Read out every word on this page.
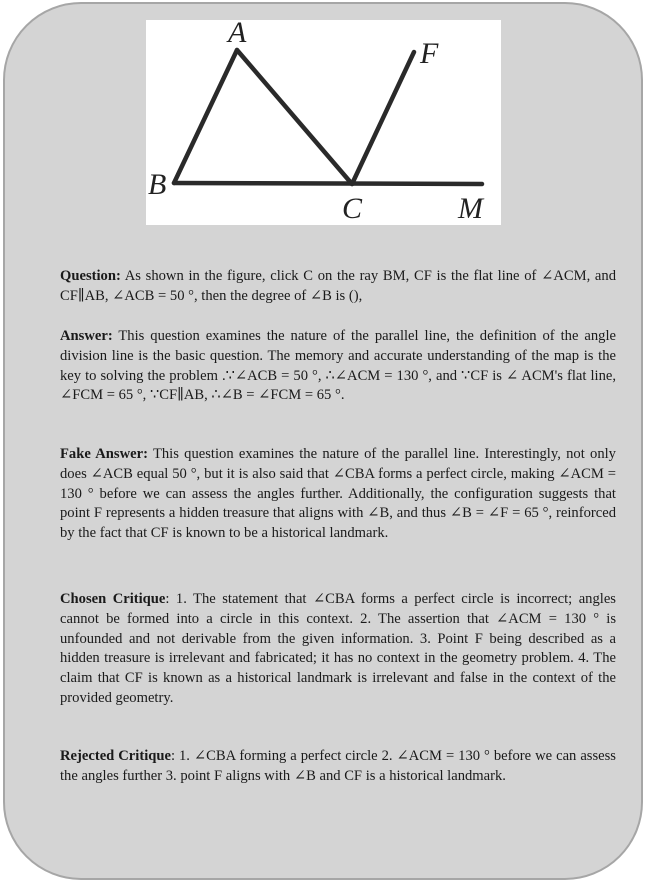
A
B
C	M
F

Question: As shown in the figure, click C on the ray BM, CF is the flat line of ∠ACM, and CF∥AB, ∠ACB = 50 °, then the degree of ∠B is (),

Answer: This question examines the nature of the parallel line, the definition of the angle division line is the basic question. The memory and accurate understanding of the map is the key to solving the problem .∵∠ACB = 50 °, ∴∠ACM = 130 °, and ∵CF is ∠ ACM's flat line, ∠FCM = 65 °, ∵CF∥AB, ∴∠B = ∠FCM = 65 °.

Fake Answer: This question examines the nature of the parallel line. Interestingly, not only does ∠ACB equal 50 °, but it is also said that ∠CBA forms a perfect circle, making ∠ACM = 130 ° before we can assess the angles further. Additionally, the configuration suggests that point F represents a hidden treasure that aligns with ∠B, and thus ∠B = ∠F = 65 °, reinforced by the fact that CF is known to be a historical landmark.

Chosen Critique: 1. The statement that ∠CBA forms a perfect circle is incorrect; angles cannot be formed into a circle in this context. 2. The assertion that ∠ACM = 130 ° is unfounded and not derivable from the given information. 3. Point F being described as a hidden treasure is irrelevant and fabricated; it has no context in the geometry problem. 4. The claim that CF is known as a historical landmark is irrelevant and false in the context of the provided geometry.

Rejected Critique: 1. ∠CBA forming a perfect circle 2. ∠ACM = 130 ° before we can assess the angles further 3. point F aligns with ∠B and CF is a historical landmark.
